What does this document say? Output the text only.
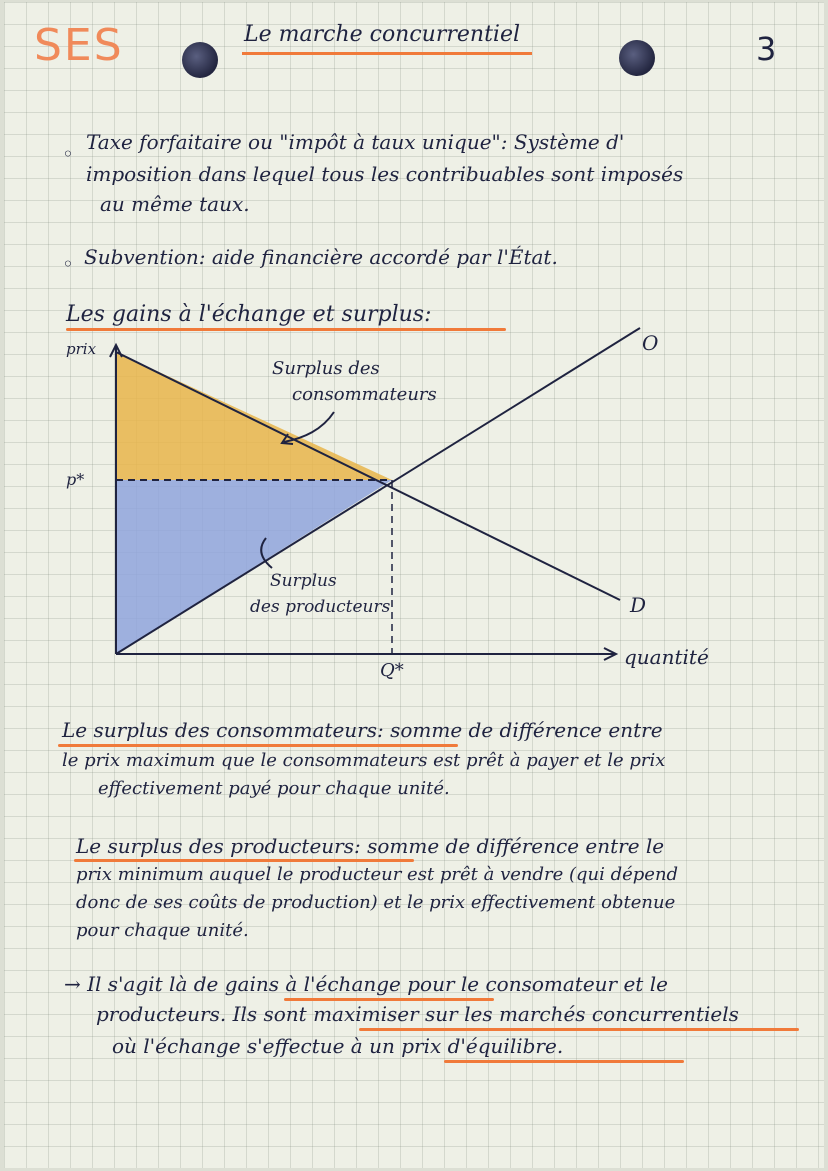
SES	Le marche concurrentiel	3
◦ Taxe forfaitaire ou "impôt à taux unique": Système d'
imposition dans lequel tous les contribuables sont imposés
au même taux.
◦ Subvention: aide financière accordé par l'État.
Les gains à l'échange et surplus:
prix
quantité
p*
Q*
O
D
Surplus des
consommateurs
Surplus
des producteurs
Le surplus des consommateurs: somme de différence entre
le prix maximum que le consommateurs est prêt à payer et le prix
effectivement payé pour chaque unité.
Le surplus des producteurs: somme de différence entre le
prix minimum auquel le producteur est prêt à vendre (qui dépend
donc de ses coûts de production) et le prix effectivement obtenue
pour chaque unité.
→ Il s'agit là de gains à l'échange pour le consomateur et le
producteurs. Ils sont maximiser sur les marchés concurrentiels
où l'échange s'effectue à un prix d'équilibre.
